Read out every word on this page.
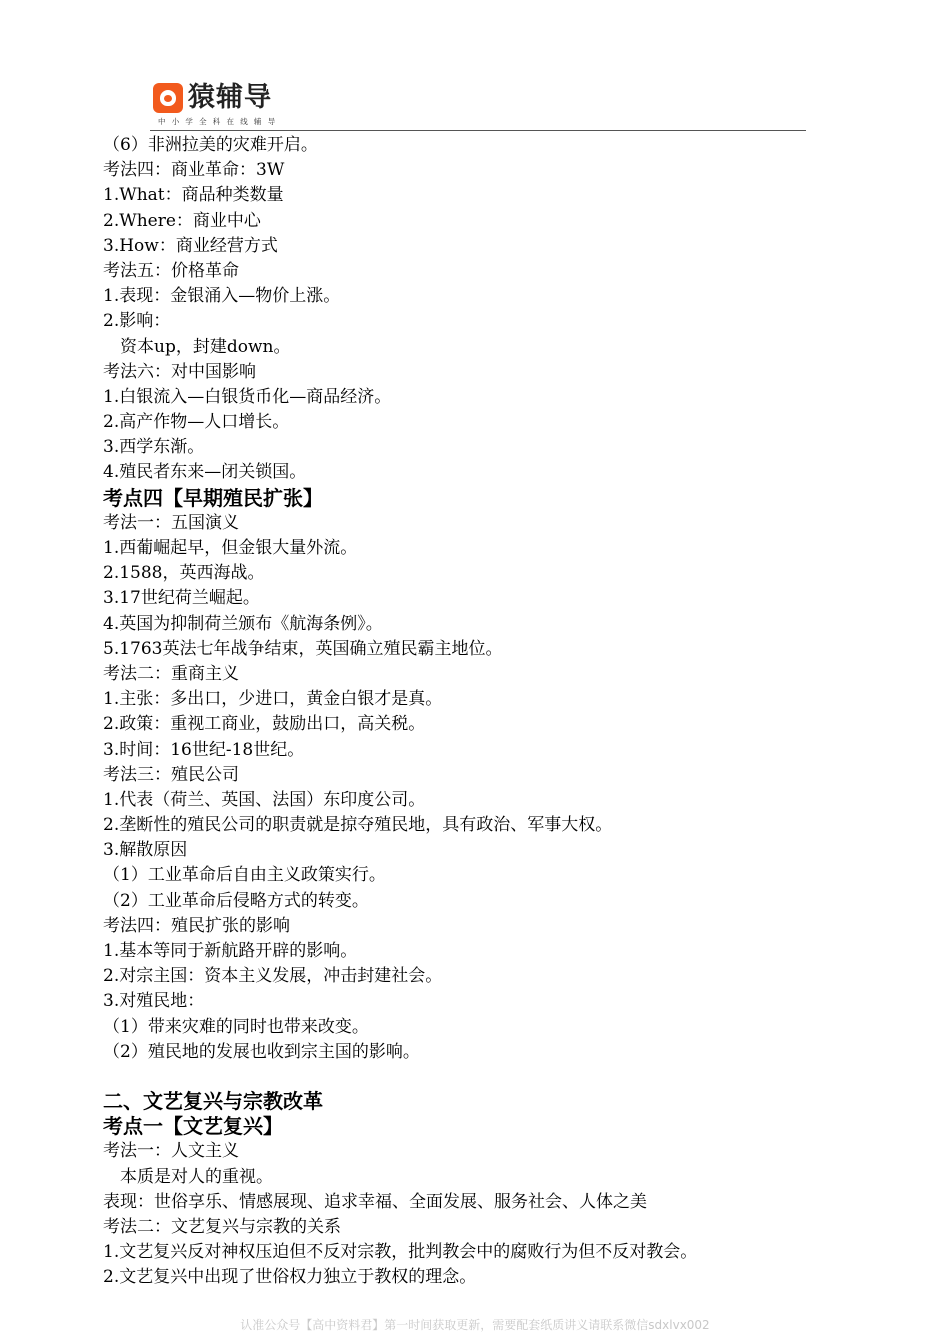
猿辅导
中小学全科在线辅导
（6）非洲拉美的灾难开启。
考法四：商业革命：3W
1.What：商品种类数量
2.Where：商业中心
3.How：商业经营方式
考法五：价格革命
1.表现：金银涌入—物价上涨。
2.影响：
资本up，封建down。
考法六：对中国影响
1.白银流入—白银货币化—商品经济。
2.高产作物—人口增长。
3.西学东渐。
4.殖民者东来—闭关锁国。
考点四【早期殖民扩张】
考法一：五国演义
1.西葡崛起早，但金银大量外流。
2.1588，英西海战。
3.17世纪荷兰崛起。
4.英国为抑制荷兰颁布《航海条例》。
5.1763英法七年战争结束，英国确立殖民霸主地位。
考法二：重商主义
1.主张：多出口，少进口，黄金白银才是真。
2.政策：重视工商业，鼓励出口，高关税。
3.时间：16世纪-18世纪。
考法三：殖民公司
1.代表（荷兰、英国、法国）东印度公司。
2.垄断性的殖民公司的职责就是掠夺殖民地，具有政治、军事大权。
3.解散原因
（1）工业革命后自由主义政策实行。
（2）工业革命后侵略方式的转变。
考法四：殖民扩张的影响
1.基本等同于新航路开辟的影响。
2.对宗主国：资本主义发展，冲击封建社会。
3.对殖民地：
（1）带来灾难的同时也带来改变。
（2）殖民地的发展也收到宗主国的影响。
二、文艺复兴与宗教改革
考点一【文艺复兴】
考法一：人文主义
本质是对人的重视。
表现：世俗享乐、情感展现、追求幸福、全面发展、服务社会、人体之美
考法二：文艺复兴与宗教的关系
1.文艺复兴反对神权压迫但不反对宗教，批判教会中的腐败行为但不反对教会。
2.文艺复兴中出现了世俗权力独立于教权的理念。
认准公众号【高中资料君】第一时间获取更新，需要配套纸质讲义请联系微信sdxlvx002
